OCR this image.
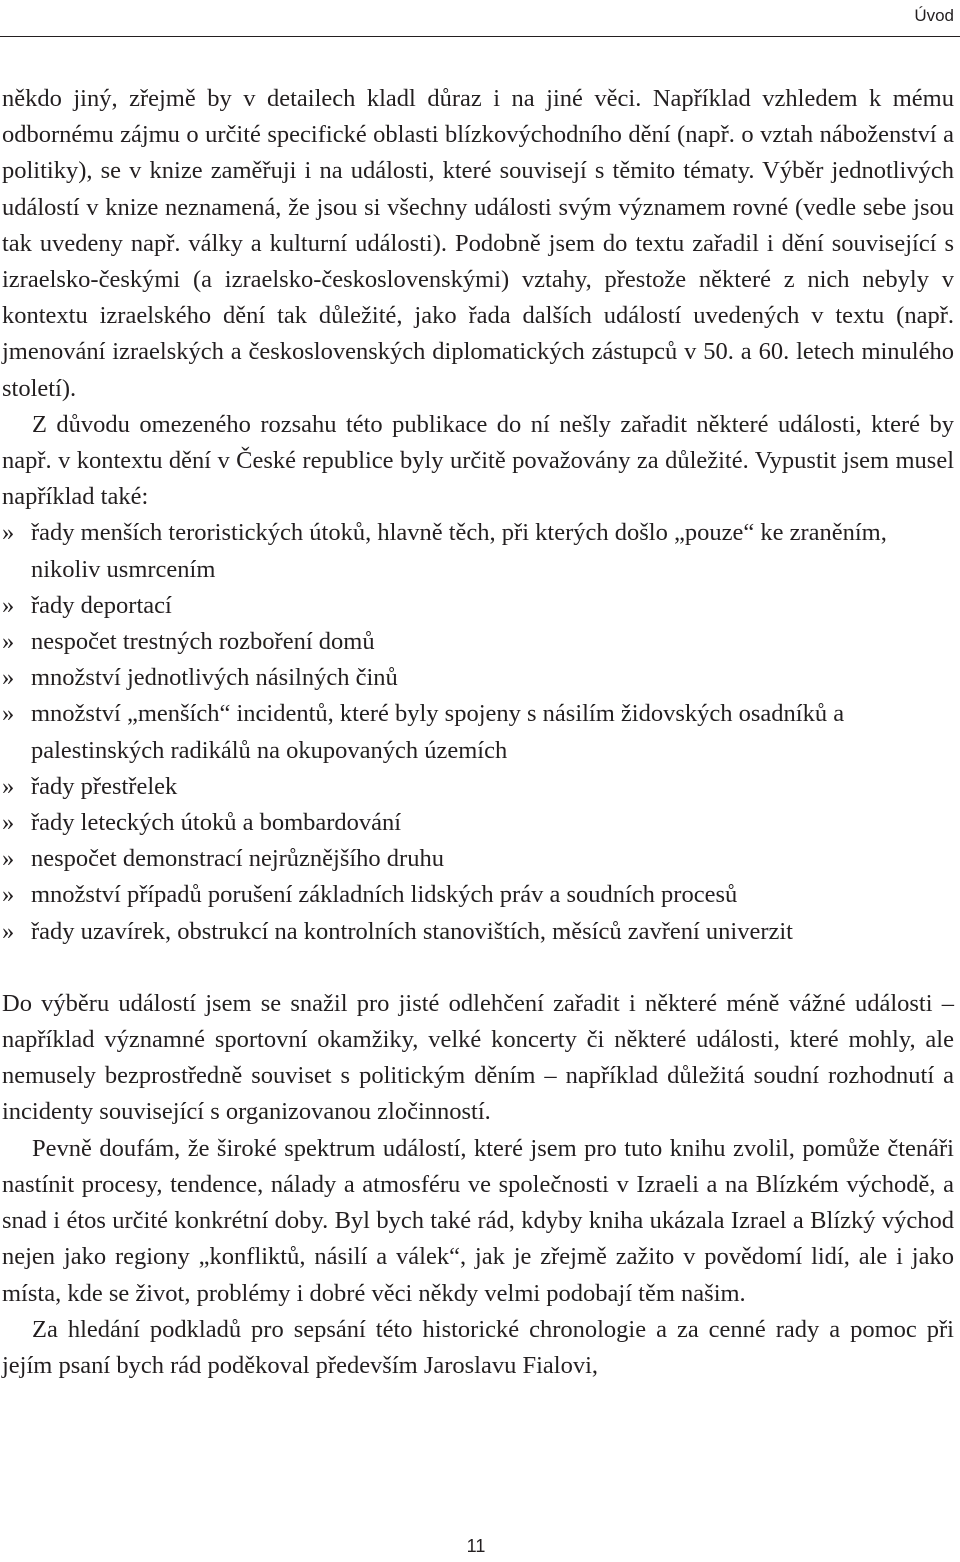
Úvod

někdo jiný, zřejmě by v detailech kladl důraz i na jiné věci. Například vzhledem k mému odbornému zájmu o určité specifické oblasti blízkovýchodního dění (např. o vztah náboženství a politiky), se v knize zaměřuji i na události, které souvisejí s těmito tématy. Výběr jednotlivých událostí v knize neznamená, že jsou si všechny události svým významem rovné (vedle sebe jsou tak uvedeny např. války a kulturní události). Podobně jsem do textu zařadil i dění související s izraelsko-českými (a izraelsko-československými) vztahy, přestože některé z nich nebyly v kontextu izraelského dění tak důležité, jako řada dalších událostí uvedených v textu (např. jmenování izraelských a československých diplomatických zástupců v 50. a 60. letech minulého století).

Z důvodu omezeného rozsahu této publikace do ní nešly zařadit některé události, které by např. v kontextu dění v České republice byly určitě považovány za důležité. Vypustit jsem musel například také:

» řady menších teroristických útoků, hlavně těch, při kterých došlo „pouze“ ke zraněním, nikoliv usmrcením
» řady deportací
» nespočet trestných rozboření domů
» množství jednotlivých násilných činů
» množství „menších“ incidentů, které byly spojeny s násilím židovských osadníků a palestinských radikálů na okupovaných územích
» řady přestřelek
» řady leteckých útoků a bombardování
» nespočet demonstrací nejrůznějšího druhu
» množství případů porušení základních lidských práv a soudních procesů
» řady uzavírek, obstrukcí na kontrolních stanovištích, měsíců zavření univerzit

Do výběru událostí jsem se snažil pro jisté odlehčení zařadit i některé méně vážné události – například významné sportovní okamžiky, velké koncerty či některé události, které mohly, ale nemusely bezprostředně souviset s politickým děním – například důležitá soudní rozhodnutí a incidenty související s organizovanou zločinností.

Pevně doufám, že široké spektrum událostí, které jsem pro tuto knihu zvolil, pomůže čtenáři nastínit procesy, tendence, nálady a atmosféru ve společnosti v Izraeli a na Blízkém východě, a snad i étos určité konkrétní doby. Byl bych také rád, kdyby kniha ukázala Izrael a Blízký východ nejen jako regiony „konfliktů, násilí a válek“, jak je zřejmě zažito v povědomí lidí, ale i jako místa, kde se život, problémy i dobré věci někdy velmi podobají těm našim.

Za hledání podkladů pro sepsání této historické chronologie a za cenné rady a pomoc při jejím psaní bych rád poděkoval především Jaroslavu Fialovi,

11
